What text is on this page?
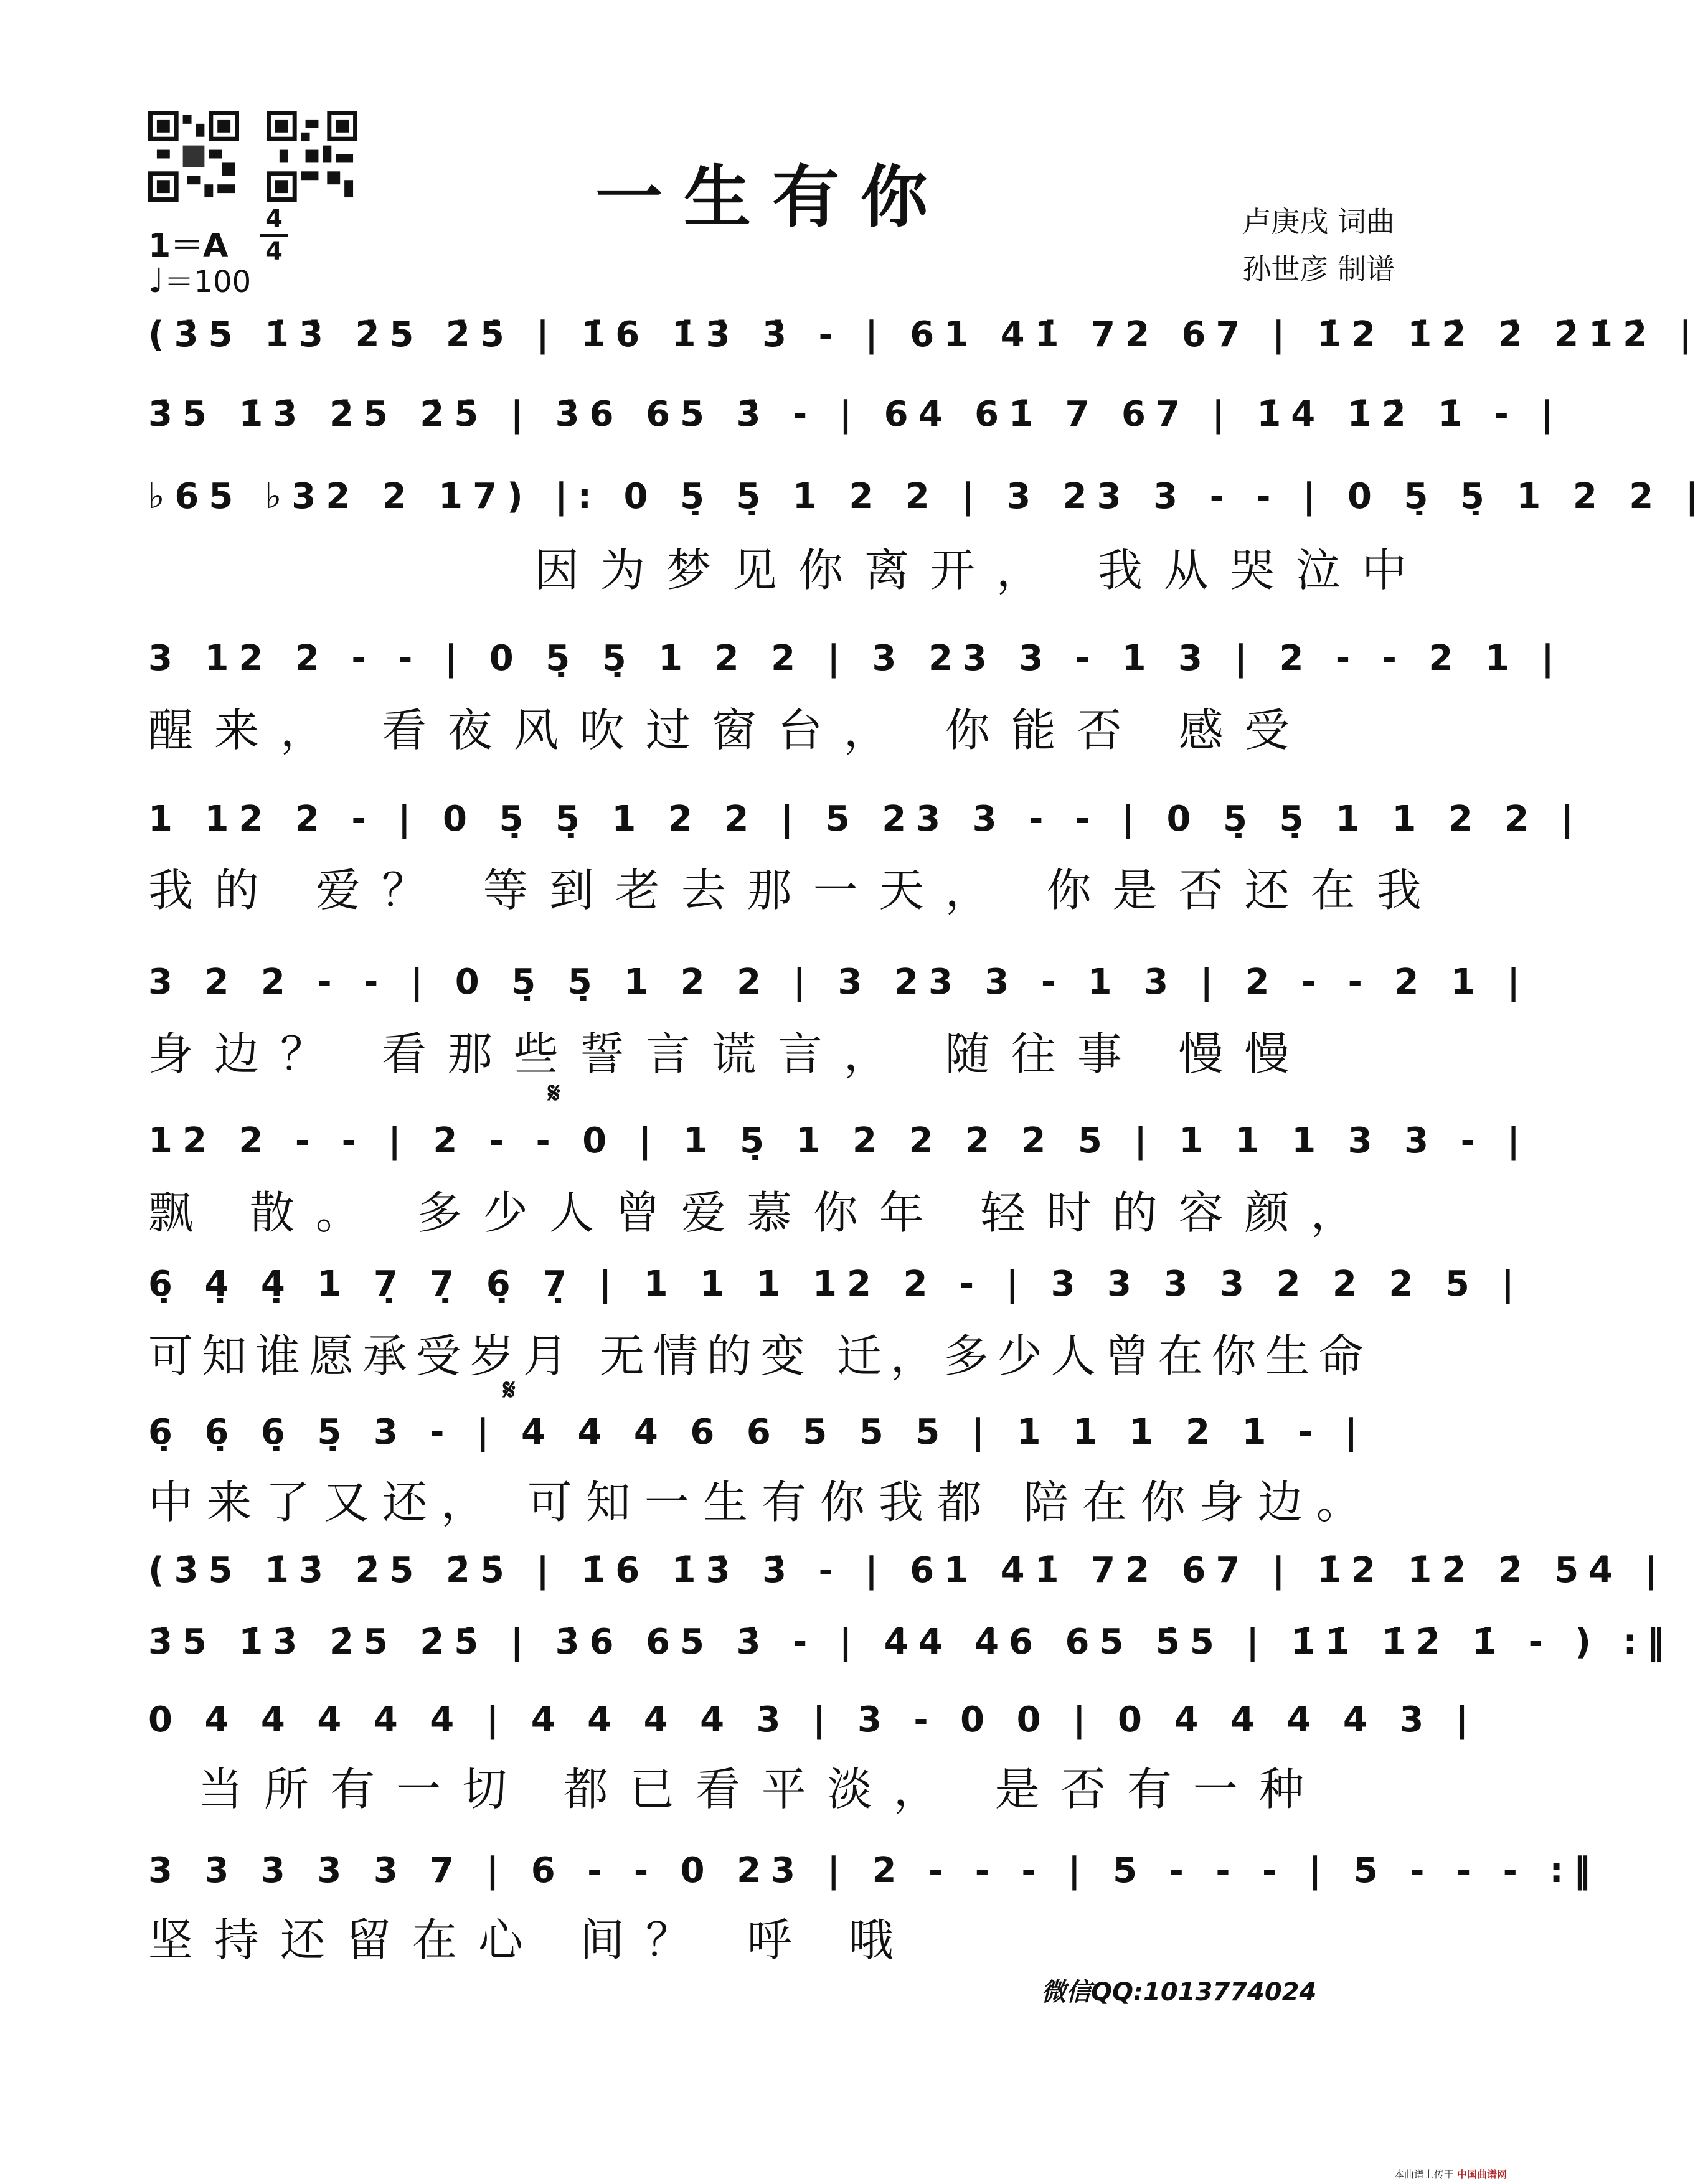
一生有你	卢庚戌 词曲
孙世彦 制谱
1＝A
4
4
♩＝100
(3̇5 1̇3̇ 2̇5 2̇5̇ | 1̇6 1̇3̇ 3̇ - | 61 41̇ 72 67 | 1̇2 1̇2̇ 2̇ 2̇1̇2̇ |
3̇5 1̇3̇ 2̇5 2̇5̇ | 3̇6 65 3̇ - | 64 61̇ 7 67 | 1̇4 1̇2̇ 1̇ - |
♭65 ♭32 2 17) |: 0 5̣ 5̣ 1 2 2 | 3 23 3 - - | 0 5̣ 5̣ 1 2 2 |
因为梦见你离开， 我从哭泣中
3 12 2 - - | 0 5̣ 5̣ 1 2 2 | 3 23 3 - 1 3 | 2 - - 2 1 |
醒来， 看夜风吹过窗台， 你能否 感受
1 12 2 - | 0 5̣ 5̣ 1 2 2 | 5 23 3 - - | 0 5̣ 5̣ 1 1 2 2 |
我的 爱？ 等到老去那一天， 你是否还在我
3 2 2 - - | 0 5̣ 5̣ 1 2 2 | 3 23 3 - 1 3 | 2 - - 2 1 |
身边？ 看那些誓言谎言， 随往事 慢慢
𝄋
12 2 - - | 2 - - 0 | 1 5̣ 1 2 2 2 2 5 | 1 1 1 3 3 - |
飘 散。 多少人曾爱慕你年 轻时的容颜，
6̣ 4̣ 4̣ 1 7̣ 7̣ 6̣ 7̣ | 1 1 1 12 2 - | 3 3 3 3 2 2 2 5 |
可知谁愿承受岁月 无情的变 迁，多少人曾在你生命
𝄋
6̣ 6̣ 6̣ 5̣ 3 - | 4 4 4 6 6 5 5 5 | 1 1 1 2 1 - |
中来了又还， 可知一生有你我都 陪在你身边。
(3̇5 1̇3̇ 2̇5 2̇5̇ | 1̇6 1̇3̇ 3̇ - | 61 41̇ 72 67 | 1̇2 1̇2̇ 2̇ 54̇ |
3̇5 1̇3̇ 2̇5 2̇5̇ | 3̇6 65 3̇ - | 4̇4 4̇6 65 5̇5 | 1̇1̇ 1̇2̇ 1̇ - ) :‖
0 4 4 4 4 4 | 4 4 4 4 3 | 3 - 0 0 | 0 4 4 4 4 3 |
当所有一切 都已看平淡， 是否有一种
3 3 3 3 3 7 | 6 - - 0 23 | 2 - - - | 5 - - - | 5 - - - :‖
坚持还留在心 间？ 呼 哦
微信QQ:1013774024
本曲谱上传于 中国曲谱网
